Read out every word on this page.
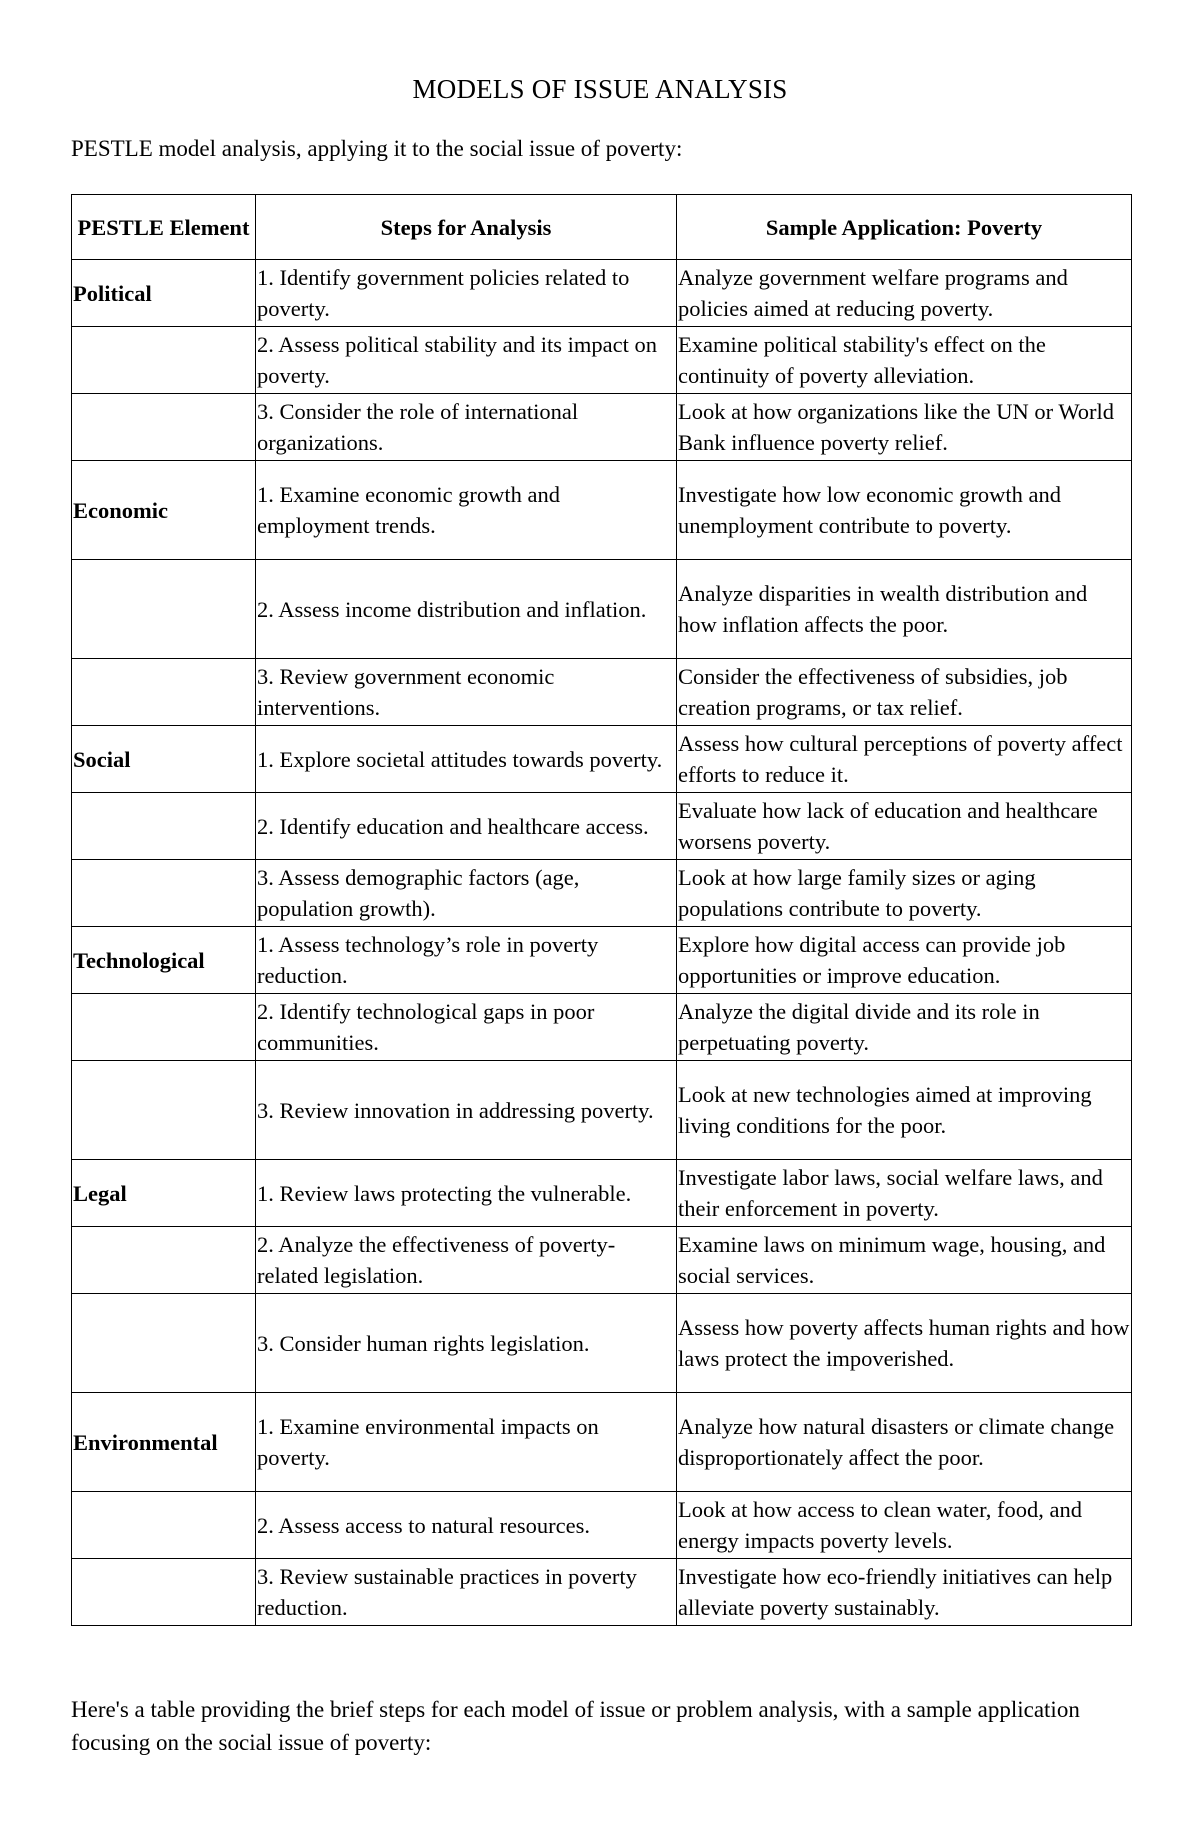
MODELS OF ISSUE ANALYSIS
PESTLE model analysis, applying it to the social issue of poverty:
PESTLE Element	Steps for Analysis	Sample Application: Poverty
Political	1. Identify government policies related to poverty.	Analyze government welfare programs and policies aimed at reducing poverty.
	2. Assess political stability and its impact on poverty.	Examine political stability's effect on the continuity of poverty alleviation.
	3. Consider the role of international organizations.	Look at how organizations like the UN or World Bank influence poverty relief.
Economic	1. Examine economic growth and employment trends.	Investigate how low economic growth and unemployment contribute to poverty.
	2. Assess income distribution and inflation.	Analyze disparities in wealth distribution and how inflation affects the poor.
	3. Review government economic interventions.	Consider the effectiveness of subsidies, job creation programs, or tax relief.
Social	1. Explore societal attitudes towards poverty.	Assess how cultural perceptions of poverty affect efforts to reduce it.
	2. Identify education and healthcare access.	Evaluate how lack of education and healthcare worsens poverty.
	3. Assess demographic factors (age, population growth).	Look at how large family sizes or aging populations contribute to poverty.
Technological	1. Assess technology’s role in poverty reduction.	Explore how digital access can provide job opportunities or improve education.
	2. Identify technological gaps in poor communities.	Analyze the digital divide and its role in perpetuating poverty.
	3. Review innovation in addressing poverty.	Look at new technologies aimed at improving living conditions for the poor.
Legal	1. Review laws protecting the vulnerable.	Investigate labor laws, social welfare laws, and their enforcement in poverty.
	2. Analyze the effectiveness of poverty-related legislation.	Examine laws on minimum wage, housing, and social services.
	3. Consider human rights legislation.	Assess how poverty affects human rights and how laws protect the impoverished.
Environmental	1. Examine environmental impacts on poverty.	Analyze how natural disasters or climate change disproportionately affect the poor.
	2. Assess access to natural resources.	Look at how access to clean water, food, and energy impacts poverty levels.
	3. Review sustainable practices in poverty reduction.	Investigate how eco-friendly initiatives can help alleviate poverty sustainably.
Here's a table providing the brief steps for each model of issue or problem analysis, with a sample application focusing on the social issue of poverty:
